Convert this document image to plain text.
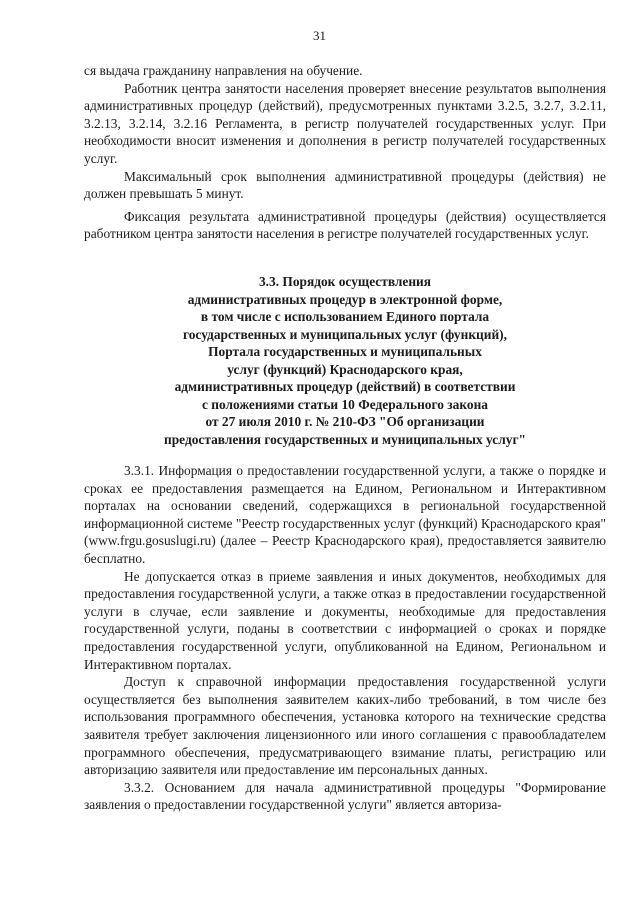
31

ся выдача гражданину направления на обучение.

Работник центра занятости населения проверяет внесение результатов выполнения административных процедур (действий), предусмотренных пунктами 3.2.5, 3.2.7, 3.2.11, 3.2.13, 3.2.14, 3.2.16 Регламента, в регистр получателей государственных услуг. При необходимости вносит изменения и дополнения в регистр получателей государственных услуг.

Максимальный срок выполнения административной процедуры (действия) не должен превышать 5 минут.

Фиксация результата административной процедуры (действия) осуществляется работником центра занятости населения в регистре получателей государственных услуг.

3.3. Порядок осуществления
административных процедур в электронной форме,
в том числе с использованием Единого портала
государственных и муниципальных услуг (функций),
Портала государственных и муниципальных
услуг (функций) Краснодарского края,
административных процедур (действий) в соответствии
с положениями статьи 10 Федерального закона
от 27 июля 2010 г. № 210-ФЗ "Об организации
предоставления государственных и муниципальных услуг"

3.3.1. Информация о предоставлении государственной услуги, а также о порядке и сроках ее предоставления размещается на Едином, Региональном и Интерактивном порталах на основании сведений, содержащихся в региональной государственной информационной системе "Реестр государственных услуг (функций) Краснодарского края" (www.frgu.gosuslugi.ru) (далее – Реестр Краснодарского края), предоставляется заявителю бесплатно.

Не допускается отказ в приеме заявления и иных документов, необходимых для предоставления государственной услуги, а также отказ в предоставлении государственной услуги в случае, если заявление и документы, необходимые для предоставления государственной услуги, поданы в соответствии с информацией о сроках и порядке предоставления государственной услуги, опубликованной на Едином, Региональном и Интерактивном порталах.

Доступ к справочной информации предоставления государственной услуги осуществляется без выполнения заявителем каких-либо требований, в том числе без использования программного обеспечения, установка которого на технические средства заявителя требует заключения лицензионного или иного соглашения с правообладателем программного обеспечения, предусматривающего взимание платы, регистрацию или авторизацию заявителя или предоставление им персональных данных.

3.3.2. Основанием для начала административной процедуры "Формирование заявления о предоставлении государственной услуги" является авториза-
